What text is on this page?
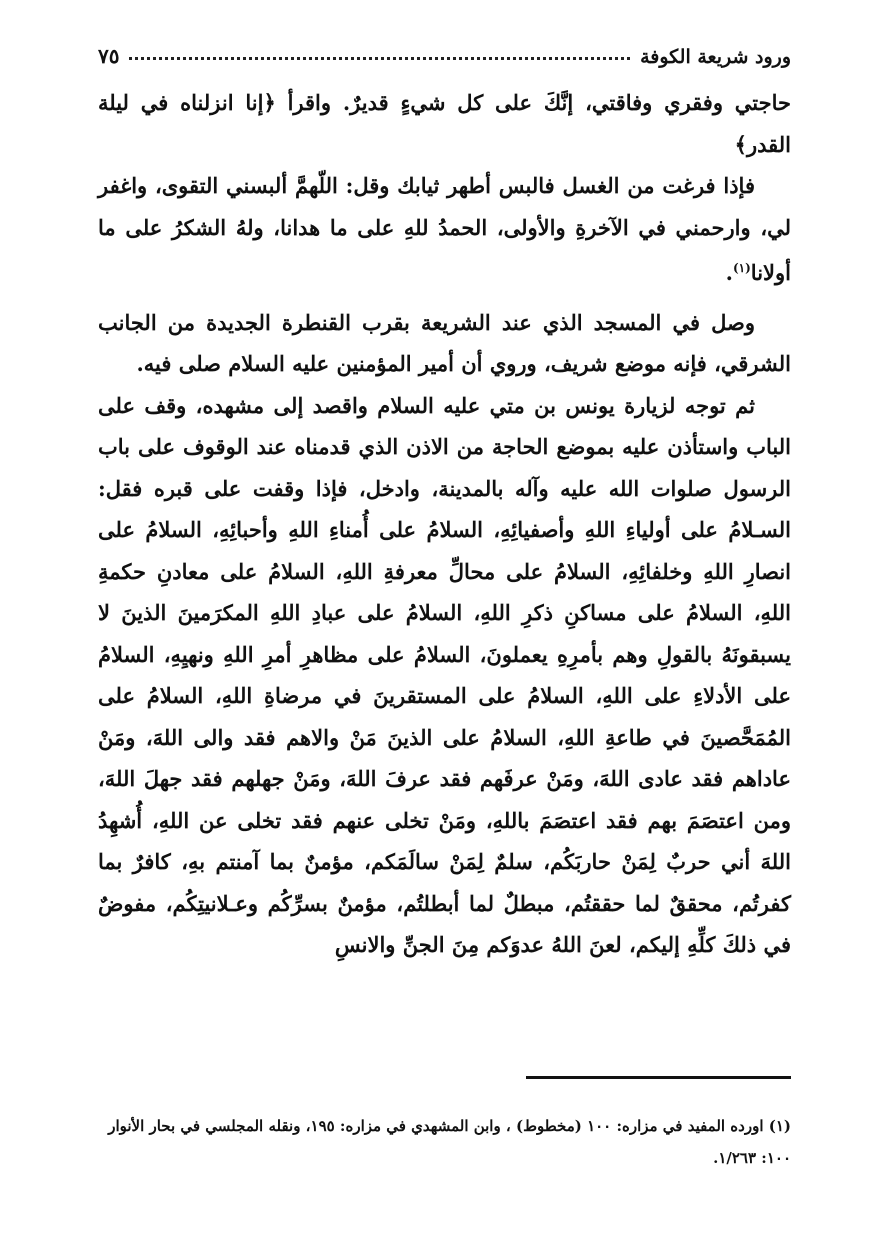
ورود شريعة الكوفة
٧٥

حاجتي وفقري وفاقتي، إنَّكَ على كل شيءٍ قديرٌ. واقرأ ﴿إنا انزلناه في ليلة القدر﴾

فإذا فرغت من الغسل فالبس أطهر ثيابك وقل: اللّهمَّ ألبسني التقوى، واغفر لي، وارحمني في الآخرةِ والأولى، الحمدُ للهِ على ما هدانا، ولهُ الشكرُ على ما أولانا$^{(١)}$.

وصل في المسجد الذي عند الشريعة بقرب القنطرة الجديدة من الجانب الشرقي، فإنه موضع شريف، وروي أن أمير المؤمنين عليه السلام صلى فيه.

ثم توجه لزيارة يونس بن متي عليه السلام واقصد إلى مشهده، وقف على الباب واستأذن عليه بموضع الحاجة من الاذن الذي قدمناه عند الوقوف على باب الرسول صلوات الله عليه وآله بالمدينة، وادخل، فإذا وقفت على قبره فقل: السـلامُ على أولياءِ اللهِ وأصفيائِهِ، السلامُ على أُمناءِ اللهِ وأحبائِهِ، السلامُ على انصارِ اللهِ وخلفائِهِ، السلامُ على محالِّ معرفةِ اللهِ، السلامُ على معادنِ حكمةِ اللهِ، السلامُ على مساكنِ ذكرِ اللهِ، السلامُ على عبادِ اللهِ المكرَمينَ الذينَ لا يسبقونَهُ بالقولِ وهم بأمرِهِ يعملونَ، السلامُ على مظاهرِ أمرِ اللهِ ونهيِهِ، السلامُ على الأدلاءِ على اللهِ، السلامُ على المستقرينَ في مرضاةِ اللهِ، السلامُ على المُمَحَّصينَ في طاعةِ اللهِ، السلامُ على الذينَ مَنْ والاهم فقد والى اللهَ، ومَنْ عاداهم فقد عادى اللهَ، ومَنْ عرفَهم فقد عرفَ اللهَ، ومَنْ جهلهم فقد جهلَ اللهَ، ومن اعتصَمَ بهم فقد اعتصَمَ باللهِ، ومَنْ تخلى عنهم فقد تخلى عن اللهِ، أُشهِدُ اللهَ أني حربٌ لِمَنْ حاربَكُم، سلمٌ لِمَنْ سالَمَكم، مؤمنٌ بما آمنتم بهِ، كافرٌ بما كفرتُم، محققٌ لما حققتُم، مبطلٌ لما أبطلتُم، مؤمنٌ بسرِّكُم وعـلانيتِكُم، مفوضٌ في ذلكَ كلِّهِ إليكم، لعنَ اللهُ عدوَكم مِنَ الجنِّ والانسِ

(١) اورده المفيد في مزاره: ١٠٠ (مخطوط) ، وابن المشهدي في مزاره: ١٩٥، ونقله المجلسي في بحار الأنوار ١٠٠: ١/٢٦٣.
